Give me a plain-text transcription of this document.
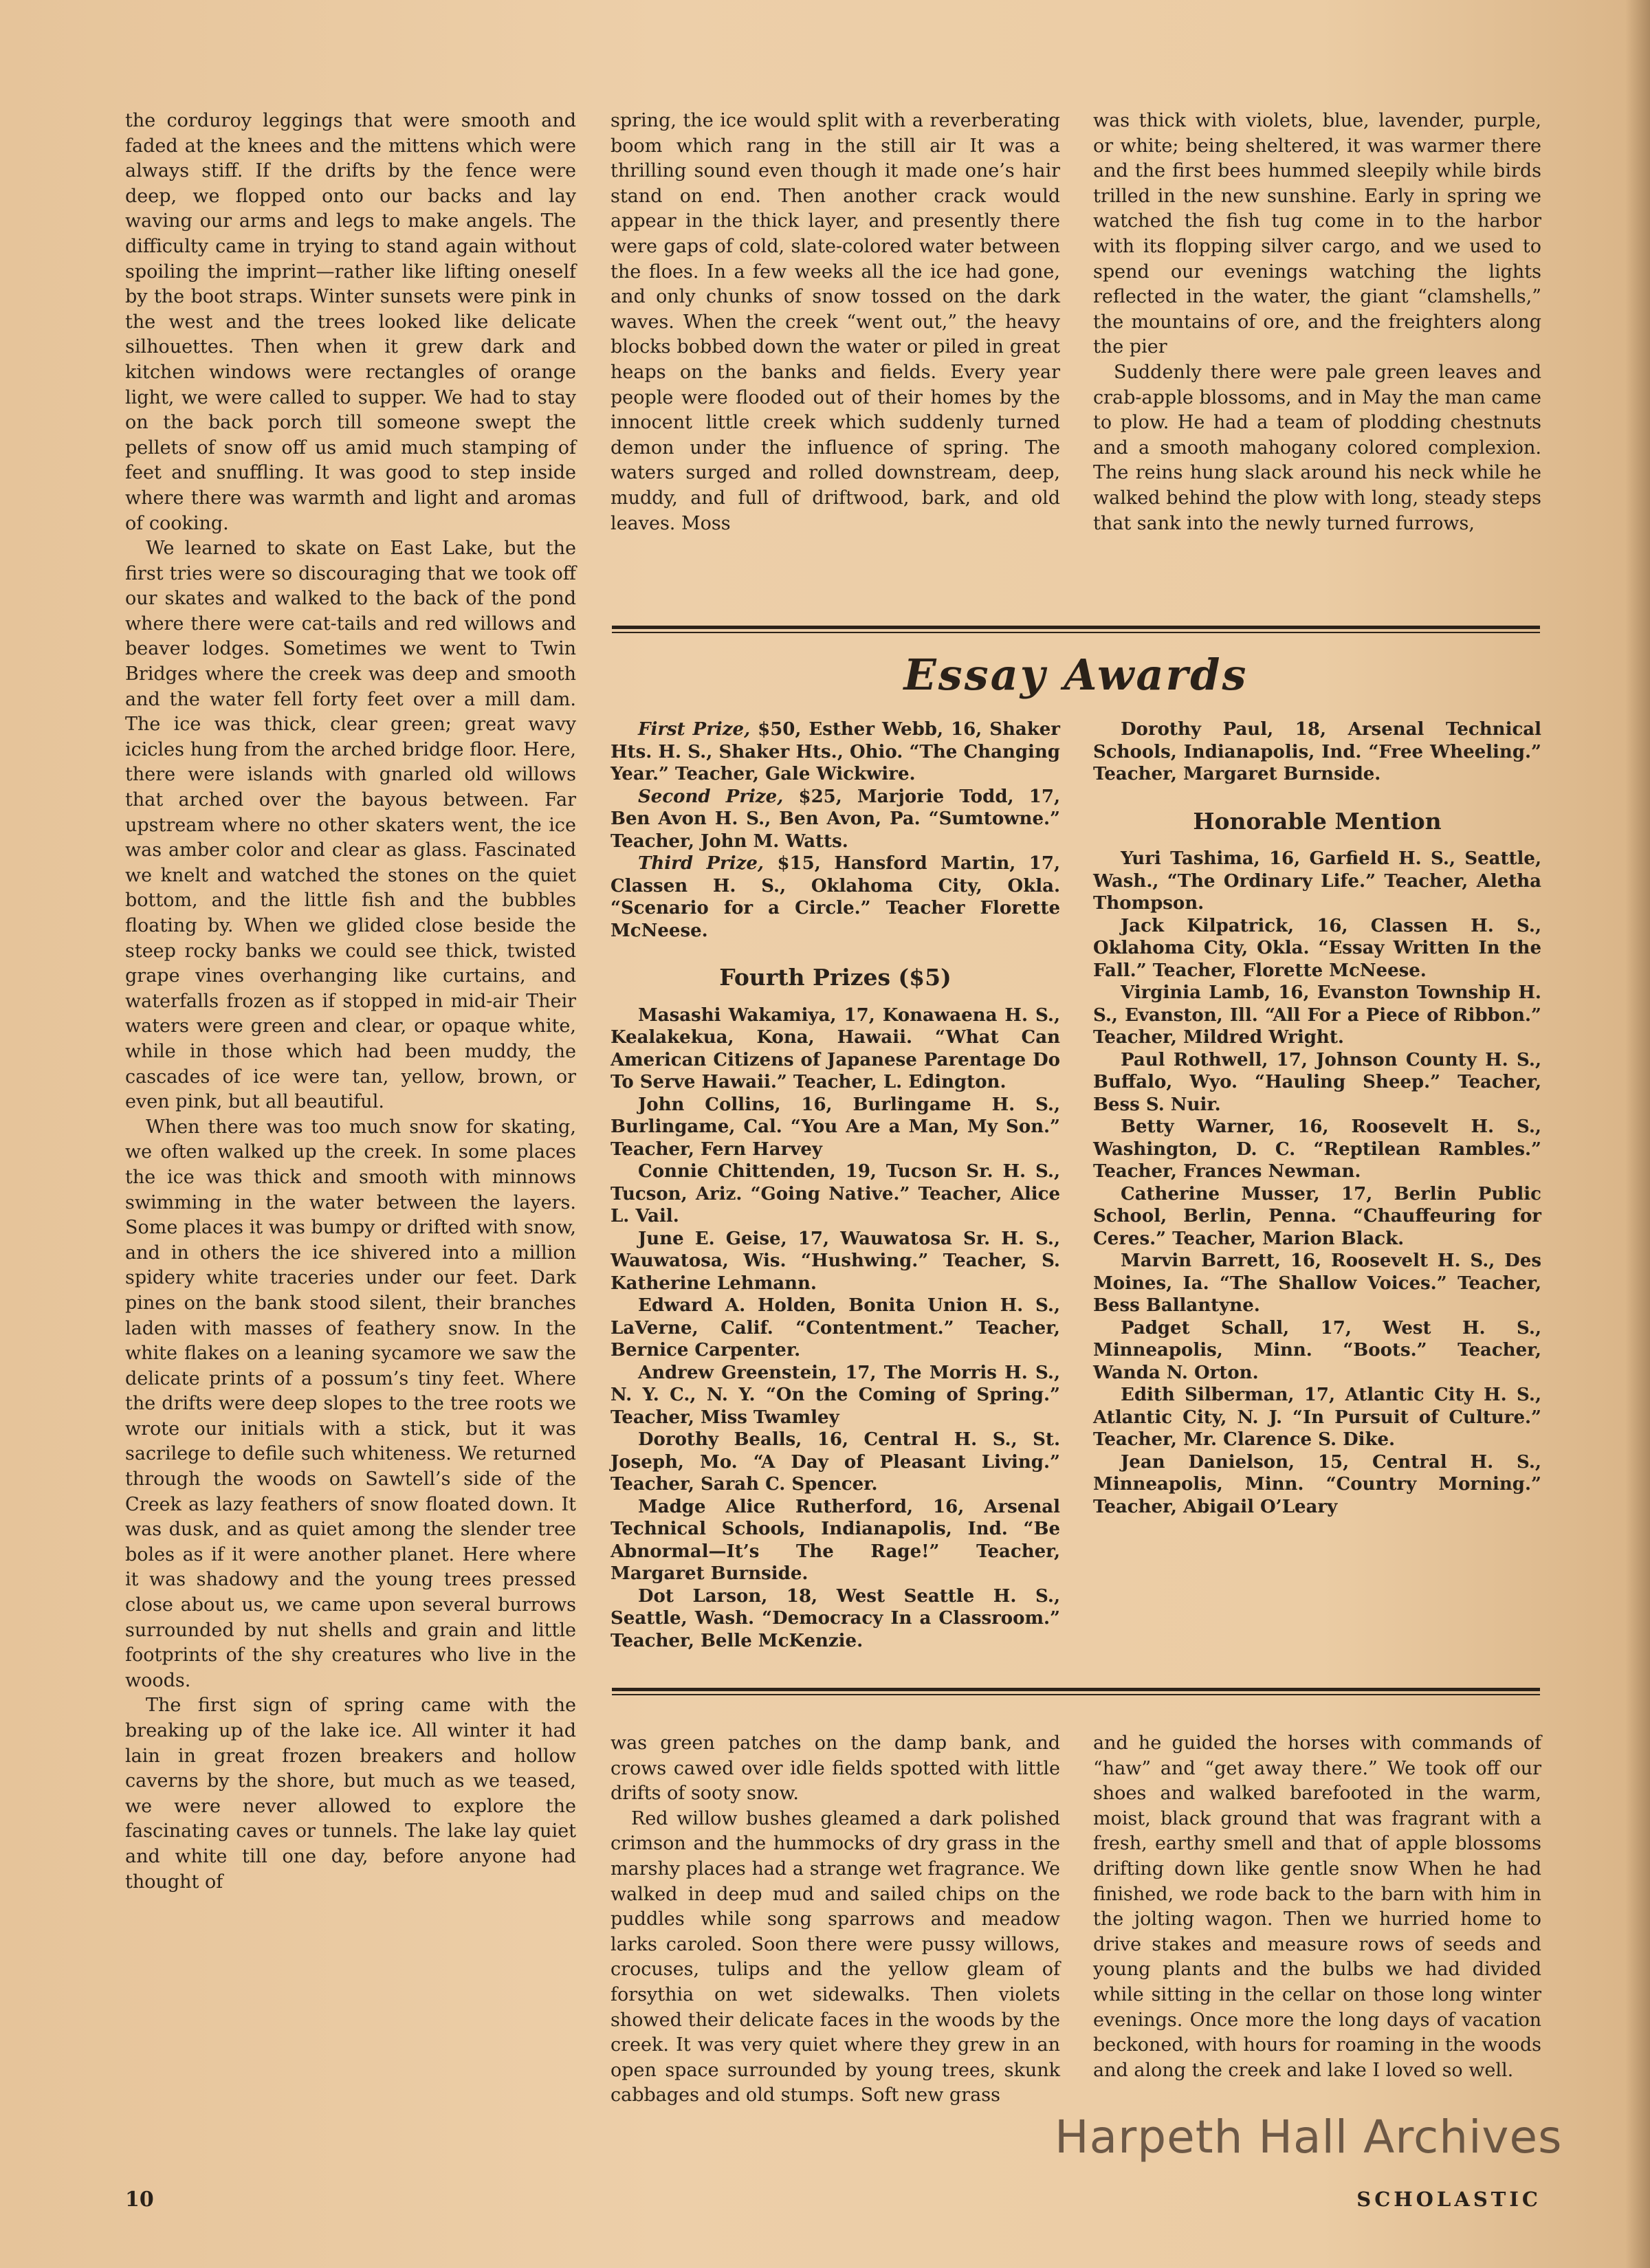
the corduroy leggings that were smooth and faded at the knees and the mittens which were always stiff. If the drifts by the fence were deep, we flopped onto our backs and lay waving our arms and legs to make angels. The difficulty came in trying to stand again without spoiling the imprint—rather like lifting oneself by the boot straps. Winter sunsets were pink in the west and the trees looked like delicate silhouettes. Then when it grew dark and kitchen windows were rectangles of orange light, we were called to supper. We had to stay on the back porch till someone swept the pellets of snow off us amid much stamping of feet and snuffling. It was good to step inside where there was warmth and light and aromas of cooking.

We learned to skate on East Lake, but the first tries were so discouraging that we took off our skates and walked to the back of the pond where there were cat-tails and red willows and beaver lodges. Sometimes we went to Twin Bridges where the creek was deep and smooth and the water fell forty feet over a mill dam. The ice was thick, clear green; great wavy icicles hung from the arched bridge floor. Here, there were islands with gnarled old willows that arched over the bayous between. Far upstream where no other skaters went, the ice was amber color and clear as glass. Fascinated we knelt and watched the stones on the quiet bottom, and the little fish and the bubbles floating by. When we glided close beside the steep rocky banks we could see thick, twisted grape vines overhanging like curtains, and waterfalls frozen as if stopped in mid-air Their waters were green and clear, or opaque white, while in those which had been muddy, the cascades of ice were tan, yellow, brown, or even pink, but all beautiful.

When there was too much snow for skating, we often walked up the creek. In some places the ice was thick and smooth with minnows swimming in the water between the layers. Some places it was bumpy or drifted with snow, and in others the ice shivered into a million spidery white traceries under our feet. Dark pines on the bank stood silent, their branches laden with masses of feathery snow. In the white flakes on a leaning sycamore we saw the delicate prints of a possum’s tiny feet. Where the drifts were deep slopes to the tree roots we wrote our initials with a stick, but it was sacrilege to defile such whiteness. We returned through the woods on Sawtell’s side of the Creek as lazy feathers of snow floated down. It was dusk, and as quiet among the slender tree boles as if it were another planet. Here where it was shadowy and the young trees pressed close about us, we came upon several burrows surrounded by nut shells and grain and little footprints of the shy creatures who live in the woods.

The first sign of spring came with the breaking up of the lake ice. All winter it had lain in great frozen breakers and hollow caverns by the shore, but much as we teased, we were never allowed to explore the fascinating caves or tunnels. The lake lay quiet and white till one day, before anyone had thought of

spring, the ice would split with a reverberating boom which rang in the still air It was a thrilling sound even though it made one’s hair stand on end. Then another crack would appear in the thick layer, and presently there were gaps of cold, slate-colored water between the floes. In a few weeks all the ice had gone, and only chunks of snow tossed on the dark waves. When the creek “went out,” the heavy blocks bobbed down the water or piled in great heaps on the banks and fields. Every year people were flooded out of their homes by the innocent little creek which suddenly turned demon under the influence of spring. The waters surged and rolled downstream, deep, muddy, and full of driftwood, bark, and old leaves. Moss

was thick with violets, blue, lavender, purple, or white; being sheltered, it was warmer there and the first bees hummed sleepily while birds trilled in the new sunshine. Early in spring we watched the fish tug come in to the harbor with its flopping silver cargo, and we used to spend our evenings watching the lights reflected in the water, the giant “clamshells,” the mountains of ore, and the freighters along the pier

Suddenly there were pale green leaves and crab-apple blossoms, and in May the man came to plow. He had a team of plodding chestnuts and a smooth mahogany colored complexion. The reins hung slack around his neck while he walked behind the plow with long, steady steps that sank into the newly turned furrows,

Essay Awards

First Prize, $50, Esther Webb, 16, Shaker Hts. H. S., Shaker Hts., Ohio. “The Changing Year.” Teacher, Gale Wickwire.

Second Prize, $25, Marjorie Todd, 17, Ben Avon H. S., Ben Avon, Pa. “Sumtowne.” Teacher, John M. Watts.

Third Prize, $15, Hansford Martin, 17, Classen H. S., Oklahoma City, Okla. “Scenario for a Circle.” Teacher Florette McNeese.

Fourth Prizes ($5)

Masashi Wakamiya, 17, Konawaena H. S., Kealakekua, Kona, Hawaii. “What Can American Citizens of Japanese Parentage Do To Serve Hawaii.” Teacher, L. Edington.

John Collins, 16, Burlingame H. S., Burlingame, Cal. “You Are a Man, My Son.” Teacher, Fern Harvey

Connie Chittenden, 19, Tucson Sr. H. S., Tucson, Ariz. “Going Native.” Teacher, Alice L. Vail.

June E. Geise, 17, Wauwatosa Sr. H. S., Wauwatosa, Wis. “Hushwing.” Teacher, S. Katherine Lehmann.

Edward A. Holden, Bonita Union H. S., LaVerne, Calif. “Contentment.” Teacher, Bernice Carpenter.

Andrew Greenstein, 17, The Morris H. S., N. Y. C., N. Y. “On the Coming of Spring.” Teacher, Miss Twamley

Dorothy Bealls, 16, Central H. S., St. Joseph, Mo. “A Day of Pleasant Living.” Teacher, Sarah C. Spencer.

Madge Alice Rutherford, 16, Arsenal Technical Schools, Indianapolis, Ind. “Be Abnormal—It’s The Rage!” Teacher, Margaret Burnside.

Dot Larson, 18, West Seattle H. S., Seattle, Wash. “Democracy In a Classroom.” Teacher, Belle McKenzie.

Dorothy Paul, 18, Arsenal Technical Schools, Indianapolis, Ind. “Free Wheeling.” Teacher, Margaret Burnside.

Honorable Mention

Yuri Tashima, 16, Garfield H. S., Seattle, Wash., “The Ordinary Life.” Teacher, Aletha Thompson.

Jack Kilpatrick, 16, Classen H. S., Oklahoma City, Okla. “Essay Written In the Fall.” Teacher, Florette McNeese.

Virginia Lamb, 16, Evanston Township H. S., Evanston, Ill. “All For a Piece of Ribbon.” Teacher, Mildred Wright.

Paul Rothwell, 17, Johnson County H. S., Buffalo, Wyo. “Hauling Sheep.” Teacher, Bess S. Nuir.

Betty Warner, 16, Roosevelt H. S., Washington, D. C. “Reptilean Rambles.” Teacher, Frances Newman.

Catherine Musser, 17, Berlin Public School, Berlin, Penna. “Chauffeuring for Ceres.” Teacher, Marion Black.

Marvin Barrett, 16, Roosevelt H. S., Des Moines, Ia. “The Shallow Voices.” Teacher, Bess Ballantyne.

Padget Schall, 17, West H. S., Minneapolis, Minn. “Boots.” Teacher, Wanda N. Orton.

Edith Silberman, 17, Atlantic City H. S., Atlantic City, N. J. “In Pursuit of Culture.” Teacher, Mr. Clarence S. Dike.

Jean Danielson, 15, Central H. S., Minneapolis, Minn. “Country Morning.” Teacher, Abigail O’Leary

was green patches on the damp bank, and crows cawed over idle fields spotted with little drifts of sooty snow.

Red willow bushes gleamed a dark polished crimson and the hummocks of dry grass in the marshy places had a strange wet fragrance. We walked in deep mud and sailed chips on the puddles while song sparrows and meadow larks caroled. Soon there were pussy willows, crocuses, tulips and the yellow gleam of forsythia on wet sidewalks. Then violets showed their delicate faces in the woods by the creek. It was very quiet where they grew in an open space surrounded by young trees, skunk cabbages and old stumps. Soft new grass

and he guided the horses with commands of “haw” and “get away there.” We took off our shoes and walked barefooted in the warm, moist, black ground that was fragrant with a fresh, earthy smell and that of apple blossoms drifting down like gentle snow When he had finished, we rode back to the barn with him in the jolting wagon. Then we hurried home to drive stakes and measure rows of seeds and young plants and the bulbs we had divided while sitting in the cellar on those long winter evenings. Once more the long days of vacation beckoned, with hours for roaming in the woods and along the creek and lake I loved so well.

10	SCHOLASTIC
Harpeth Hall Archives
